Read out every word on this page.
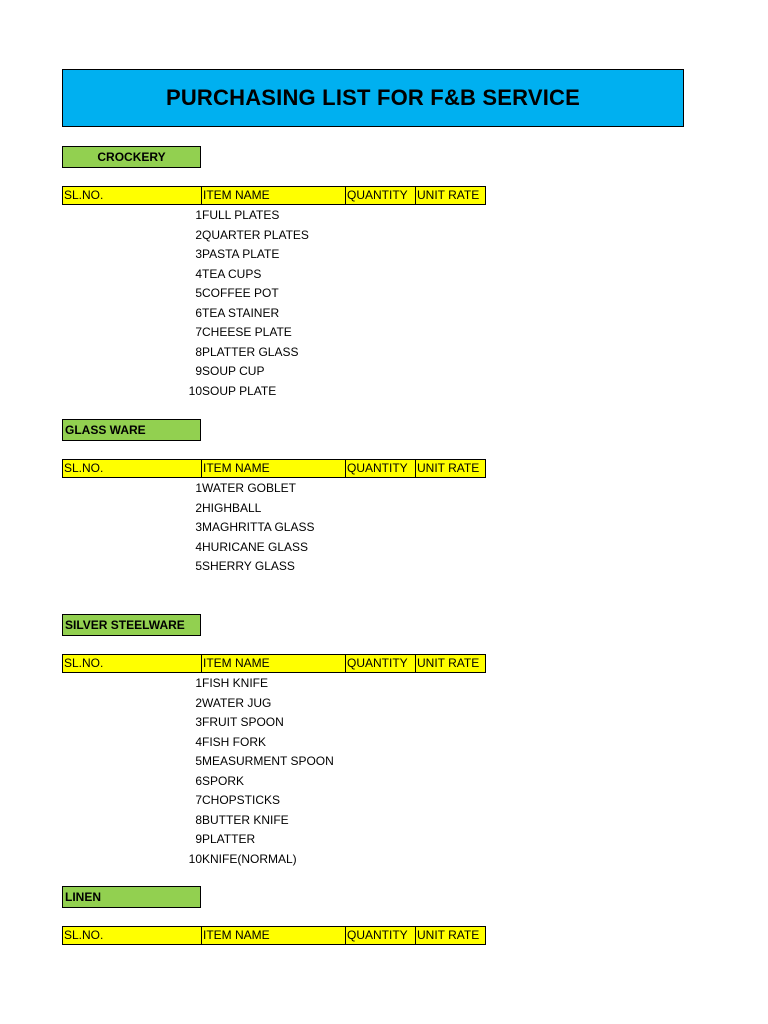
PURCHASING LIST FOR F&B SERVICE
CROCKERY
SL.NO.	ITEM NAME	QUANTITY UNIT RATE
1 FULL PLATES
2 QUARTER PLATES
3 PASTA PLATE
4 TEA CUPS
5 COFFEE POT
6 TEA STAINER
7 CHEESE PLATE
8 PLATTER GLASS
9 SOUP CUP
10 SOUP PLATE
GLASS WARE
SL.NO.	ITEM NAME	QUANTITY UNIT RATE
1 WATER GOBLET
2 HIGHBALL
3 MAGHRITTA GLASS
4 HURICANE GLASS
5 SHERRY GLASS
SILVER STEELWARE
SL.NO.	ITEM NAME	QUANTITY UNIT RATE
1 FISH KNIFE
2 WATER JUG
3 FRUIT SPOON
4 FISH FORK
5 MEASURMENT SPOON
6 SPORK
7 CHOPSTICKS
8 BUTTER KNIFE
9 PLATTER
10 KNIFE(NORMAL)
LINEN
SL.NO.	ITEM NAME	QUANTITY UNIT RATE
